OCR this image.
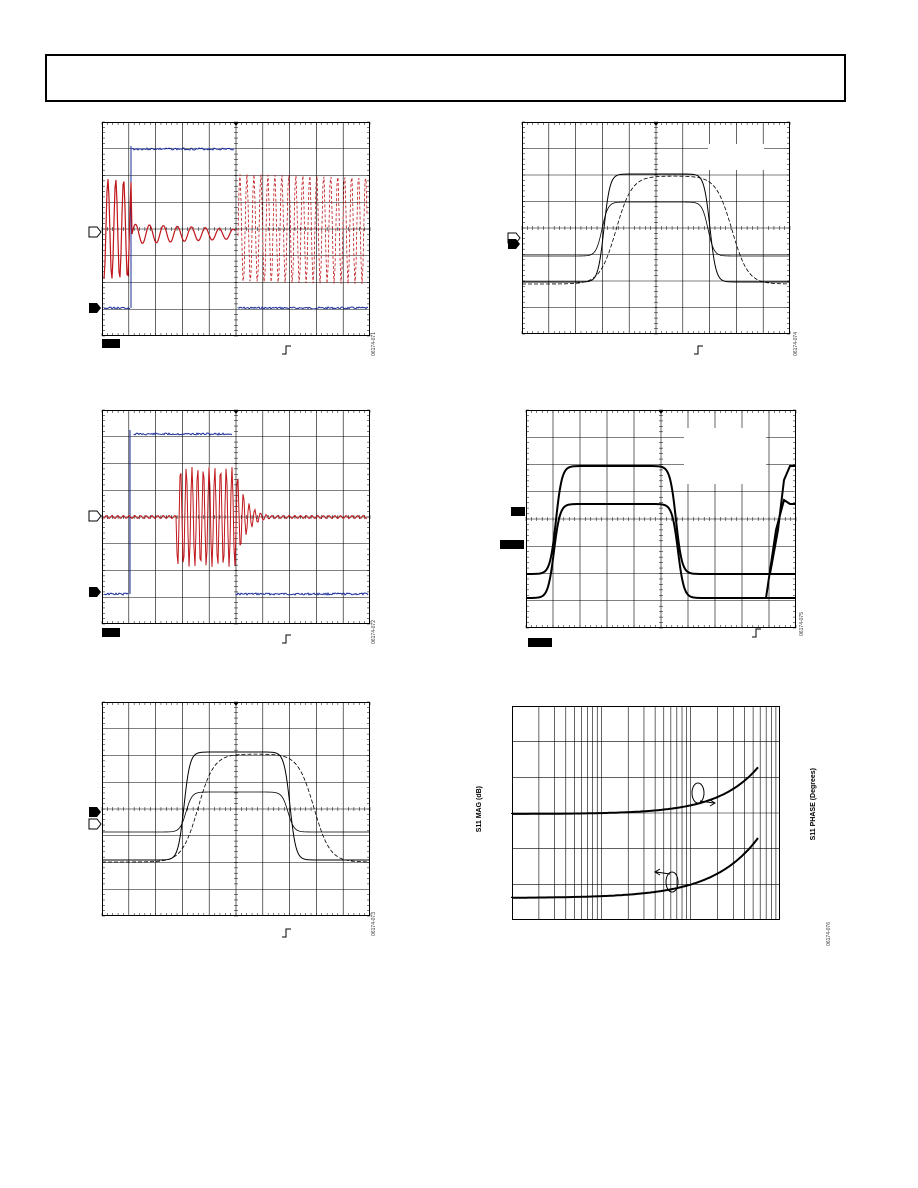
06174-071
06174-072
06174-073
06174-074
06174-075
S11 MAG (dB)	S11 PHASE (Degrees)
06174-076
